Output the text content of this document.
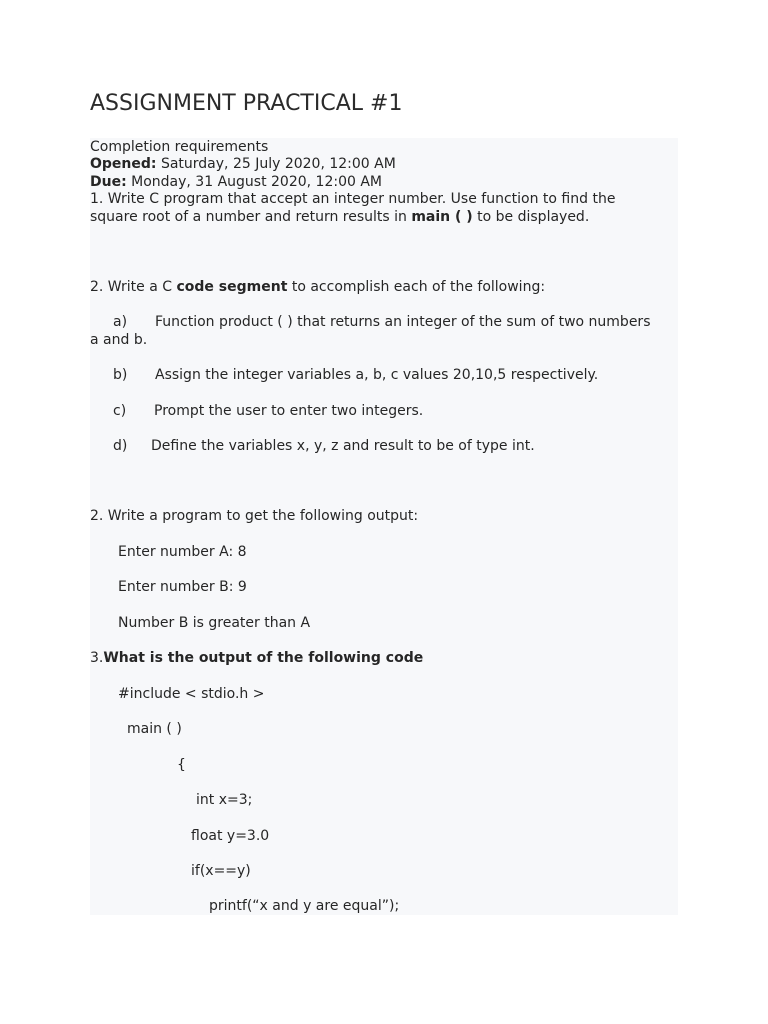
ASSIGNMENT PRACTICAL #1

Completion requirements

Opened: Saturday, 25 July 2020, 12:00 AM

Due: Monday, 31 August 2020, 12:00 AM

1. Write C program that accept an integer number. Use function to find the

square root of a number and return results in main ( ) to be displayed.

2. Write a C code segment to accomplish each of the following:

a) Function product ( ) that returns an integer of the sum of two numbers

a and b.

b) Assign the integer variables a, b, c values 20,10,5 respectively.

c) Prompt the user to enter two integers.

d) Define the variables x, y, z and result to be of type int.

2. Write a program to get the following output:

Enter number A: 8

Enter number B: 9

Number B is greater than A

3.What is the output of the following code

#include < stdio.h >

main ( )

{

int x=3;

float y=3.0

if(x==y)

printf(“x and y are equal”);
